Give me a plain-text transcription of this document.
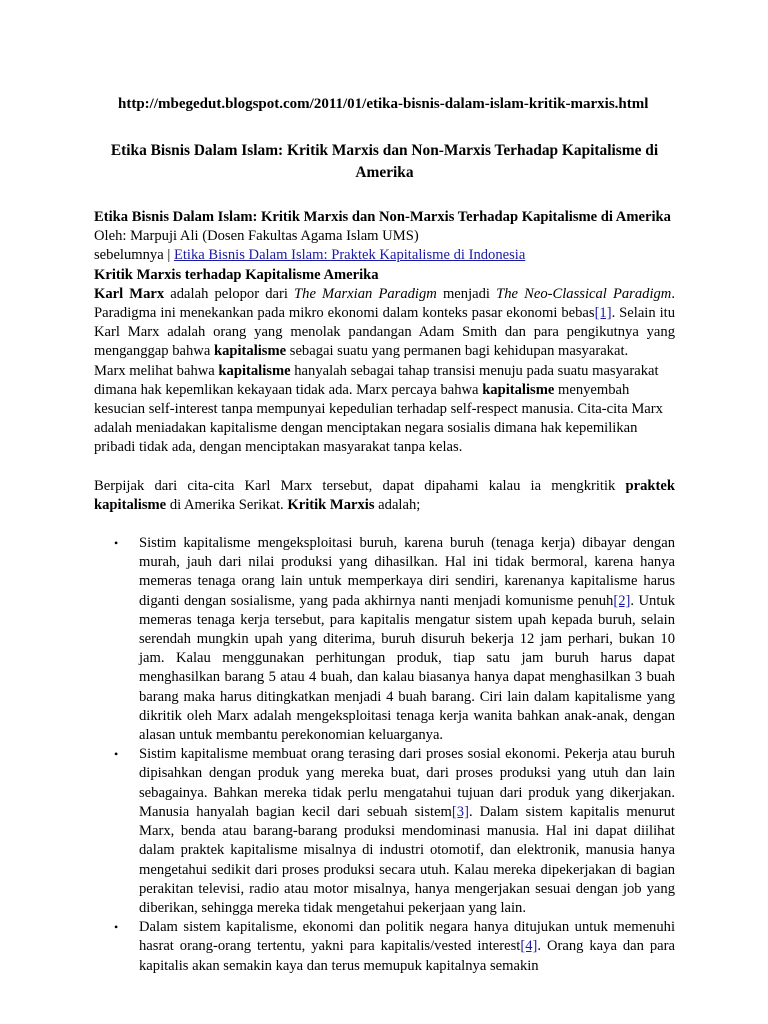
http://mbegedut.blogspot.com/2011/01/etika-bisnis-dalam-islam-kritik-marxis.html

Etika Bisnis Dalam Islam: Kritik Marxis dan Non-Marxis Terhadap Kapitalisme di Amerika

Etika Bisnis Dalam Islam: Kritik Marxis dan Non-Marxis Terhadap Kapitalisme di Amerika
Oleh: Marpuji Ali (Dosen Fakultas Agama Islam UMS)
sebelumnya | Etika Bisnis Dalam Islam: Praktek Kapitalisme di Indonesia
Kritik Marxis terhadap Kapitalisme Amerika

Karl Marx adalah pelopor dari The Marxian Paradigm menjadi The Neo-Classical Paradigm. Paradigma ini menekankan pada mikro ekonomi dalam konteks pasar ekonomi bebas[1]. Selain itu Karl Marx adalah orang yang menolak pandangan Adam Smith dan para pengikutnya yang menganggap bahwa kapitalisme sebagai suatu yang permanen bagi kehidupan masyarakat.

Marx melihat bahwa kapitalisme hanyalah sebagai tahap transisi menuju pada suatu masyarakat dimana hak kepemlikan kekayaan tidak ada. Marx percaya bahwa kapitalisme menyembah kesucian self-interest tanpa mempunyai kepedulian terhadap self-respect manusia. Cita-cita Marx adalah meniadakan kapitalisme dengan menciptakan negara sosialis dimana hak kepemilikan pribadi tidak ada, dengan menciptakan masyarakat tanpa kelas.

Berpijak dari cita-cita Karl Marx tersebut, dapat dipahami kalau ia mengkritik praktek kapitalisme di Amerika Serikat. Kritik Marxis adalah;

• Sistim kapitalisme mengeksploitasi buruh, karena buruh (tenaga kerja) dibayar dengan murah, jauh dari nilai produksi yang dihasilkan. Hal ini tidak bermoral, karena hanya memeras tenaga orang lain untuk memperkaya diri sendiri, karenanya kapitalisme harus diganti dengan sosialisme, yang pada akhirnya nanti menjadi komunisme penuh[2]. Untuk memeras tenaga kerja tersebut, para kapitalis mengatur sistem upah kepada buruh, selain serendah mungkin upah yang diterima, buruh disuruh bekerja 12 jam perhari, bukan 10 jam. Kalau menggunakan perhitungan produk, tiap satu jam buruh harus dapat menghasilkan barang 5 atau 4 buah, dan kalau biasanya hanya dapat menghasilkan 3 buah barang maka harus ditingkatkan menjadi 4 buah barang. Ciri lain dalam kapitalisme yang dikritik oleh Marx adalah mengeksploitasi tenaga kerja wanita bahkan anak-anak, dengan alasan untuk membantu perekonomian keluarganya.
• Sistim kapitalisme membuat orang terasing dari proses sosial ekonomi. Pekerja atau buruh dipisahkan dengan produk yang mereka buat, dari proses produksi yang utuh dan lain sebagainya. Bahkan mereka tidak perlu mengatahui tujuan dari produk yang dikerjakan. Manusia hanyalah bagian kecil dari sebuah sistem[3]. Dalam sistem kapitalis menurut Marx, benda atau barang-barang produksi mendominasi manusia. Hal ini dapat diilihat dalam praktek kapitalisme misalnya di industri otomotif, dan elektronik, manusia hanya mengetahui sedikit dari proses produksi secara utuh. Kalau mereka dipekerjakan di bagian perakitan televisi, radio atau motor misalnya, hanya mengerjakan sesuai dengan job yang diberikan, sehingga mereka tidak mengetahui pekerjaan yang lain.
• Dalam sistem kapitalisme, ekonomi dan politik negara hanya ditujukan untuk memenuhi hasrat orang-orang tertentu, yakni para kapitalis/vested interest[4]. Orang kaya dan para kapitalis akan semakin kaya dan terus memupuk kapitalnya semakin
